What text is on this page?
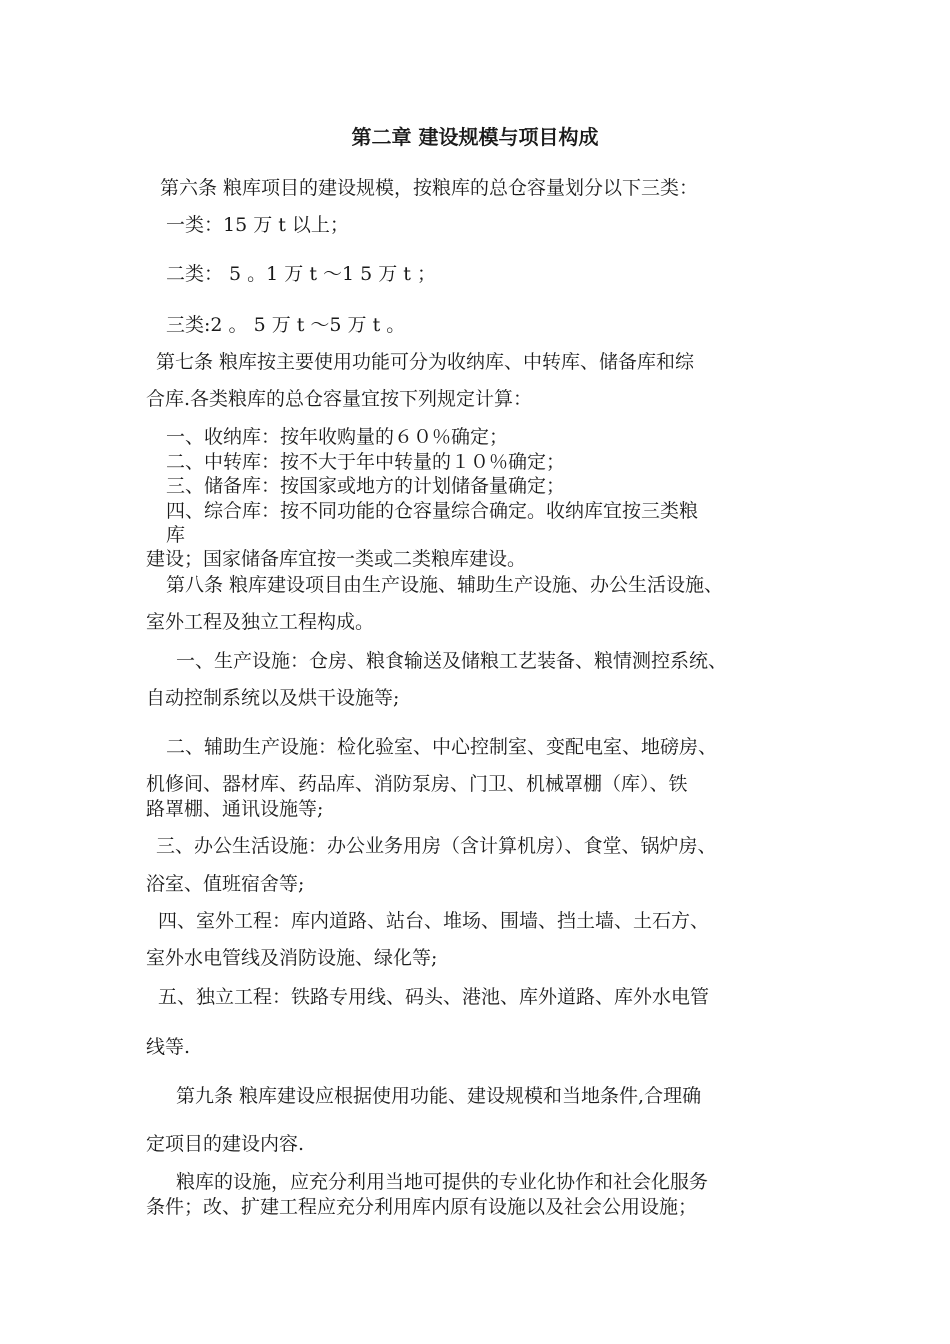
第二章 建设规模与项目构成

第六条 粮库项目的建设规模，按粮库的总仓容量划分以下三类：

一类：15 万 t 以上；

二类： 5 。1 万 t ～1 5 万 t ；

三类:2 。 5 万 t ～5 万 t 。

第七条 粮库按主要使用功能可分为收纳库、中转库、储备库和综

合库.各类粮库的总仓容量宜按下列规定计算：

一、收纳库：按年收购量的６０％确定；

二、中转库：按不大于年中转量的１０％确定；

三、储备库：按国家或地方的计划储备量确定；

四、综合库：按不同功能的仓容量综合确定。收纳库宜按三类粮

库

建设；国家储备库宜按一类或二类粮库建设。

第八条 粮库建设项目由生产设施、辅助生产设施、办公生活设施、

室外工程及独立工程构成。

一、生产设施：仓房、粮食输送及储粮工艺装备、粮情测控系统、

自动控制系统以及烘干设施等;

二、辅助生产设施：检化验室、中心控制室、变配电室、地磅房、

机修间、器材库、药品库、消防泵房、门卫、机械罩棚（库）、铁

路罩棚、通讯设施等;

三、办公生活设施：办公业务用房（含计算机房）、食堂、锅炉房、

浴室、值班宿舍等;

四、室外工程：库内道路、站台、堆场、围墙、挡土墙、土石方、

室外水电管线及消防设施、绿化等;

五、独立工程：铁路专用线、码头、港池、库外道路、库外水电管

线等.

第九条 粮库建设应根据使用功能、建设规模和当地条件,合理确

定项目的建设内容.

粮库的设施，应充分利用当地可提供的专业化协作和社会化服务

条件；改、扩建工程应充分利用库内原有设施以及社会公用设施；
